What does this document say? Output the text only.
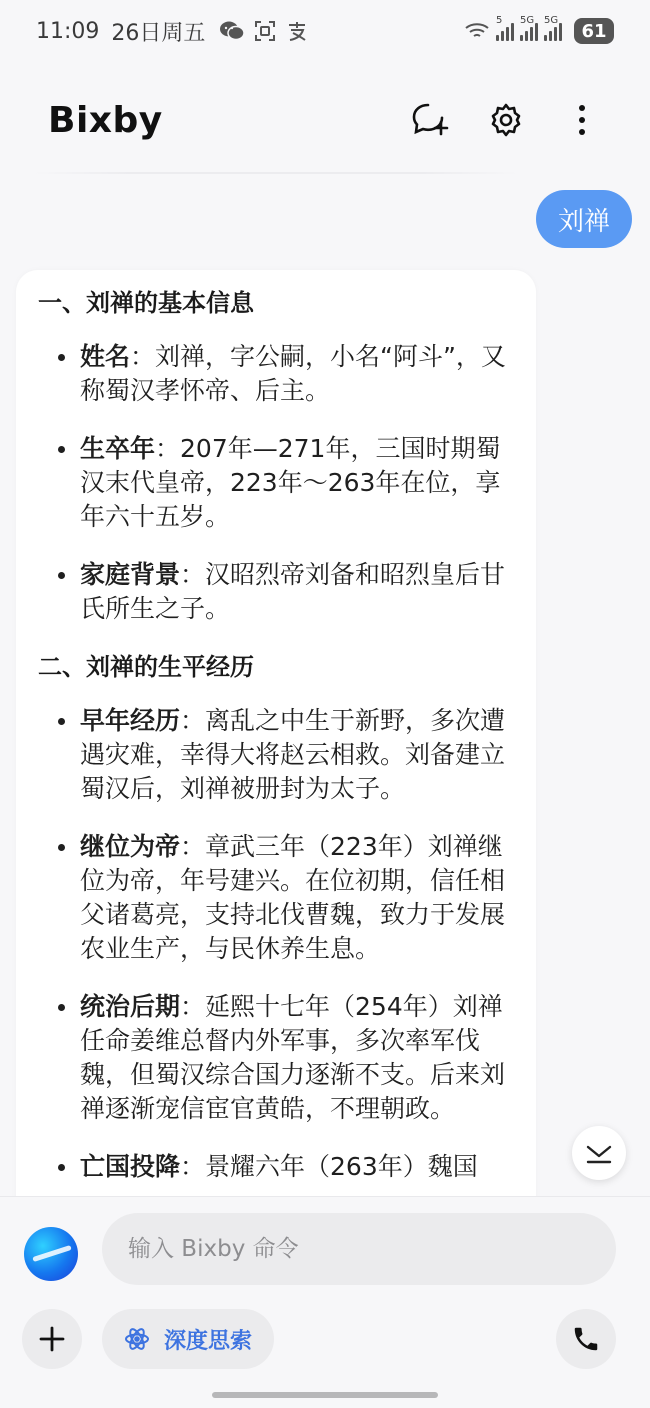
11:09 26日周五	5 5G 5G	61
Bixby
刘禅
一、刘禅的基本信息
姓名：刘禅，字公嗣，小名“阿斗”，又称蜀汉孝怀帝、后主。
生卒年：207年—271年，三国时期蜀汉末代皇帝，223年～263年在位，享年六十五岁。
家庭背景：汉昭烈帝刘备和昭烈皇后甘氏所生之子。
二、刘禅的生平经历
早年经历：离乱之中生于新野，多次遭遇灾难，幸得大将赵云相救。刘备建立蜀汉后，刘禅被册封为太子。
继位为帝：章武三年（223年）刘禅继位为帝，年号建兴。在位初期，信任相父诸葛亮，支持北伐曹魏，致力于发展农业生产，与民休养生息。
统治后期：延熙十七年（254年）刘禅任命姜维总督内外军事，多次率军伐魏，但蜀汉综合国力逐渐不支。后来刘禅逐渐宠信宦官黄皓，不理朝政。
亡国投降：景耀六年（263年）魏国
输入 Bixby 命令
深度思索
